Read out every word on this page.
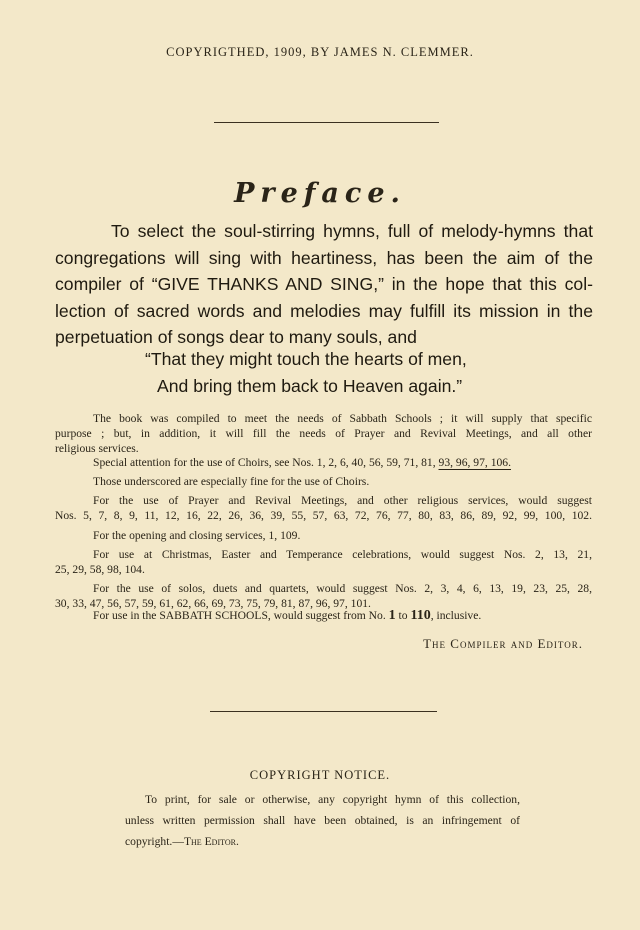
COPYRIGTHED, 1909, BY JAMES N. CLEMMER.
Preface.
To select the soul-stirring hymns, full of melody-hymns that
congregations will sing with heartiness, has been the aim of the
compiler of “GIVE THANKS AND SING,” in the hope that this col-
lection of sacred words and melodies may fulfill its mission in the
perpetuation of songs dear to many souls, and
“That they might touch the hearts of men,
And bring them back to Heaven again.”
The book was compiled to meet the needs of Sabbath Schools ; it will supply that specific
purpose ; but, in addition, it will fill the needs of Prayer and Revival Meetings, and all other
religious services.
Special attention for the use of Choirs, see Nos. 1, 2, 6, 40, 56, 59, 71, 81, 93, 96, 97, 106.
Those underscored are especially fine for the use of Choirs.
For the use of Prayer and Revival Meetings, and other religious services, would suggest
Nos. 5, 7, 8, 9, 11, 12, 16, 22, 26, 36, 39, 55, 57, 63, 72, 76, 77, 80, 83, 86, 89, 92, 99, 100, 102.
For the opening and closing services, 1, 109.
For use at Christmas, Easter and Temperance celebrations, would suggest Nos. 2, 13, 21,
25, 29, 58, 98, 104.
For the use of solos, duets and quartets, would suggest Nos. 2, 3, 4, 6, 13, 19, 23, 25, 28,
30, 33, 47, 56, 57, 59, 61, 62, 66, 69, 73, 75, 79, 81, 87, 96, 97, 101.
For use in the SABBATH SCHOOLS, would suggest from No. 1 to 110, inclusive.
The Compiler and Editor.
COPYRIGHT NOTICE.
To print, for sale or otherwise, any copyright hymn of this collection,
unless written permission shall have been obtained, is an infringement of
copyright.—The Editor.
